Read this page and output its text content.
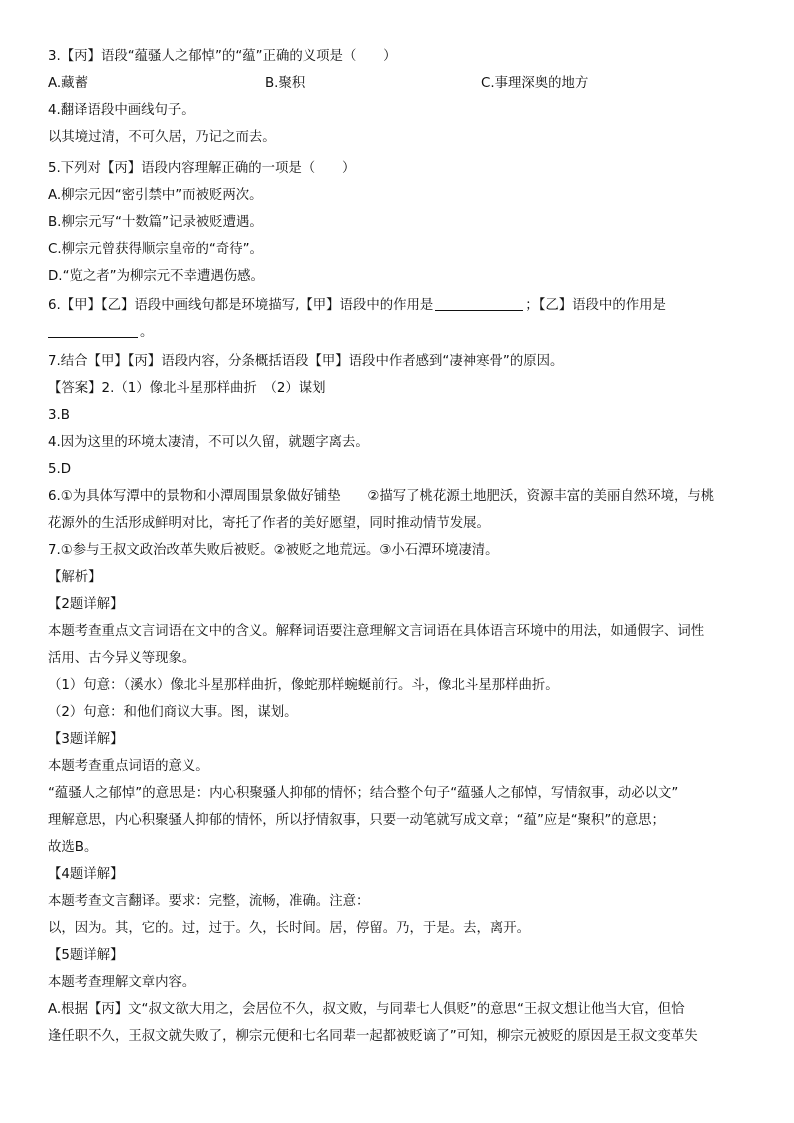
3.【丙】语段“蕴骚人之郁悼”的“蕴”正确的义项是（　　）
A.藏蓄	B.聚积	C.事理深奥的地方
4.翻译语段中画线句子。
以其境过清，不可久居，乃记之而去。
5.下列对【丙】语段内容理解正确的一项是（　　）
A.柳宗元因“密引禁中”而被贬两次。
B.柳宗元写“十数篇”记录被贬遭遇。
C.柳宗元曾获得顺宗皇帝的“奇待”。
D.“览之者”为柳宗元不幸遭遇伤感。
6.【甲】【乙】语段中画线句都是环境描写,【甲】语段中的作用是	；【乙】语段中的作用是
。
7.结合【甲】【丙】语段内容，分条概括语段【甲】语段中作者感到“凄神寒骨”的原因。
【答案】2.（1）像北斗星那样曲折　（2）谋划
3.B
4.因为这里的环境太凄清，不可以久留，就题字离去。
5.D
6.①为具体写潭中的景物和小潭周围景象做好铺垫　　②描写了桃花源土地肥沃，资源丰富的美丽自然环境，与桃
花源外的生活形成鲜明对比，寄托了作者的美好愿望，同时推动情节发展。
7.①参与王叔文政治改革失败后被贬。②被贬之地荒远。③小石潭环境凄清。
【解析】
【2题详解】
本题考查重点文言词语在文中的含义。解释词语要注意理解文言词语在具体语言环境中的用法，如通假字、词性
活用、古今异义等现象。
（1）句意：（溪水）像北斗星那样曲折，像蛇那样蜿蜒前行。斗，像北斗星那样曲折。
（2）句意：和他们商议大事。图，谋划。
【3题详解】
本题考查重点词语的意义。
“蕴骚人之郁悼”的意思是：内心积聚骚人抑郁的情怀；结合整个句子“蕴骚人之郁悼，写情叙事，动必以文”
理解意思，内心积聚骚人抑郁的情怀，所以抒情叙事，只要一动笔就写成文章；“蕴”应是“聚积”的意思；
故选B。
【4题详解】
本题考查文言翻译。要求：完整，流畅，准确。注意：
以，因为。其，它的。过，过于。久，长时间。居，停留。乃，于是。去，离开。
【5题详解】
本题考查理解文章内容。
A.根据【丙】文“叔文欲大用之，会居位不久，叔文败，与同辈七人俱贬”的意思“王叔文想让他当大官，但恰
逢任职不久，王叔文就失败了，柳宗元便和七名同辈一起都被贬谪了”可知，柳宗元被贬的原因是王叔文变革失
